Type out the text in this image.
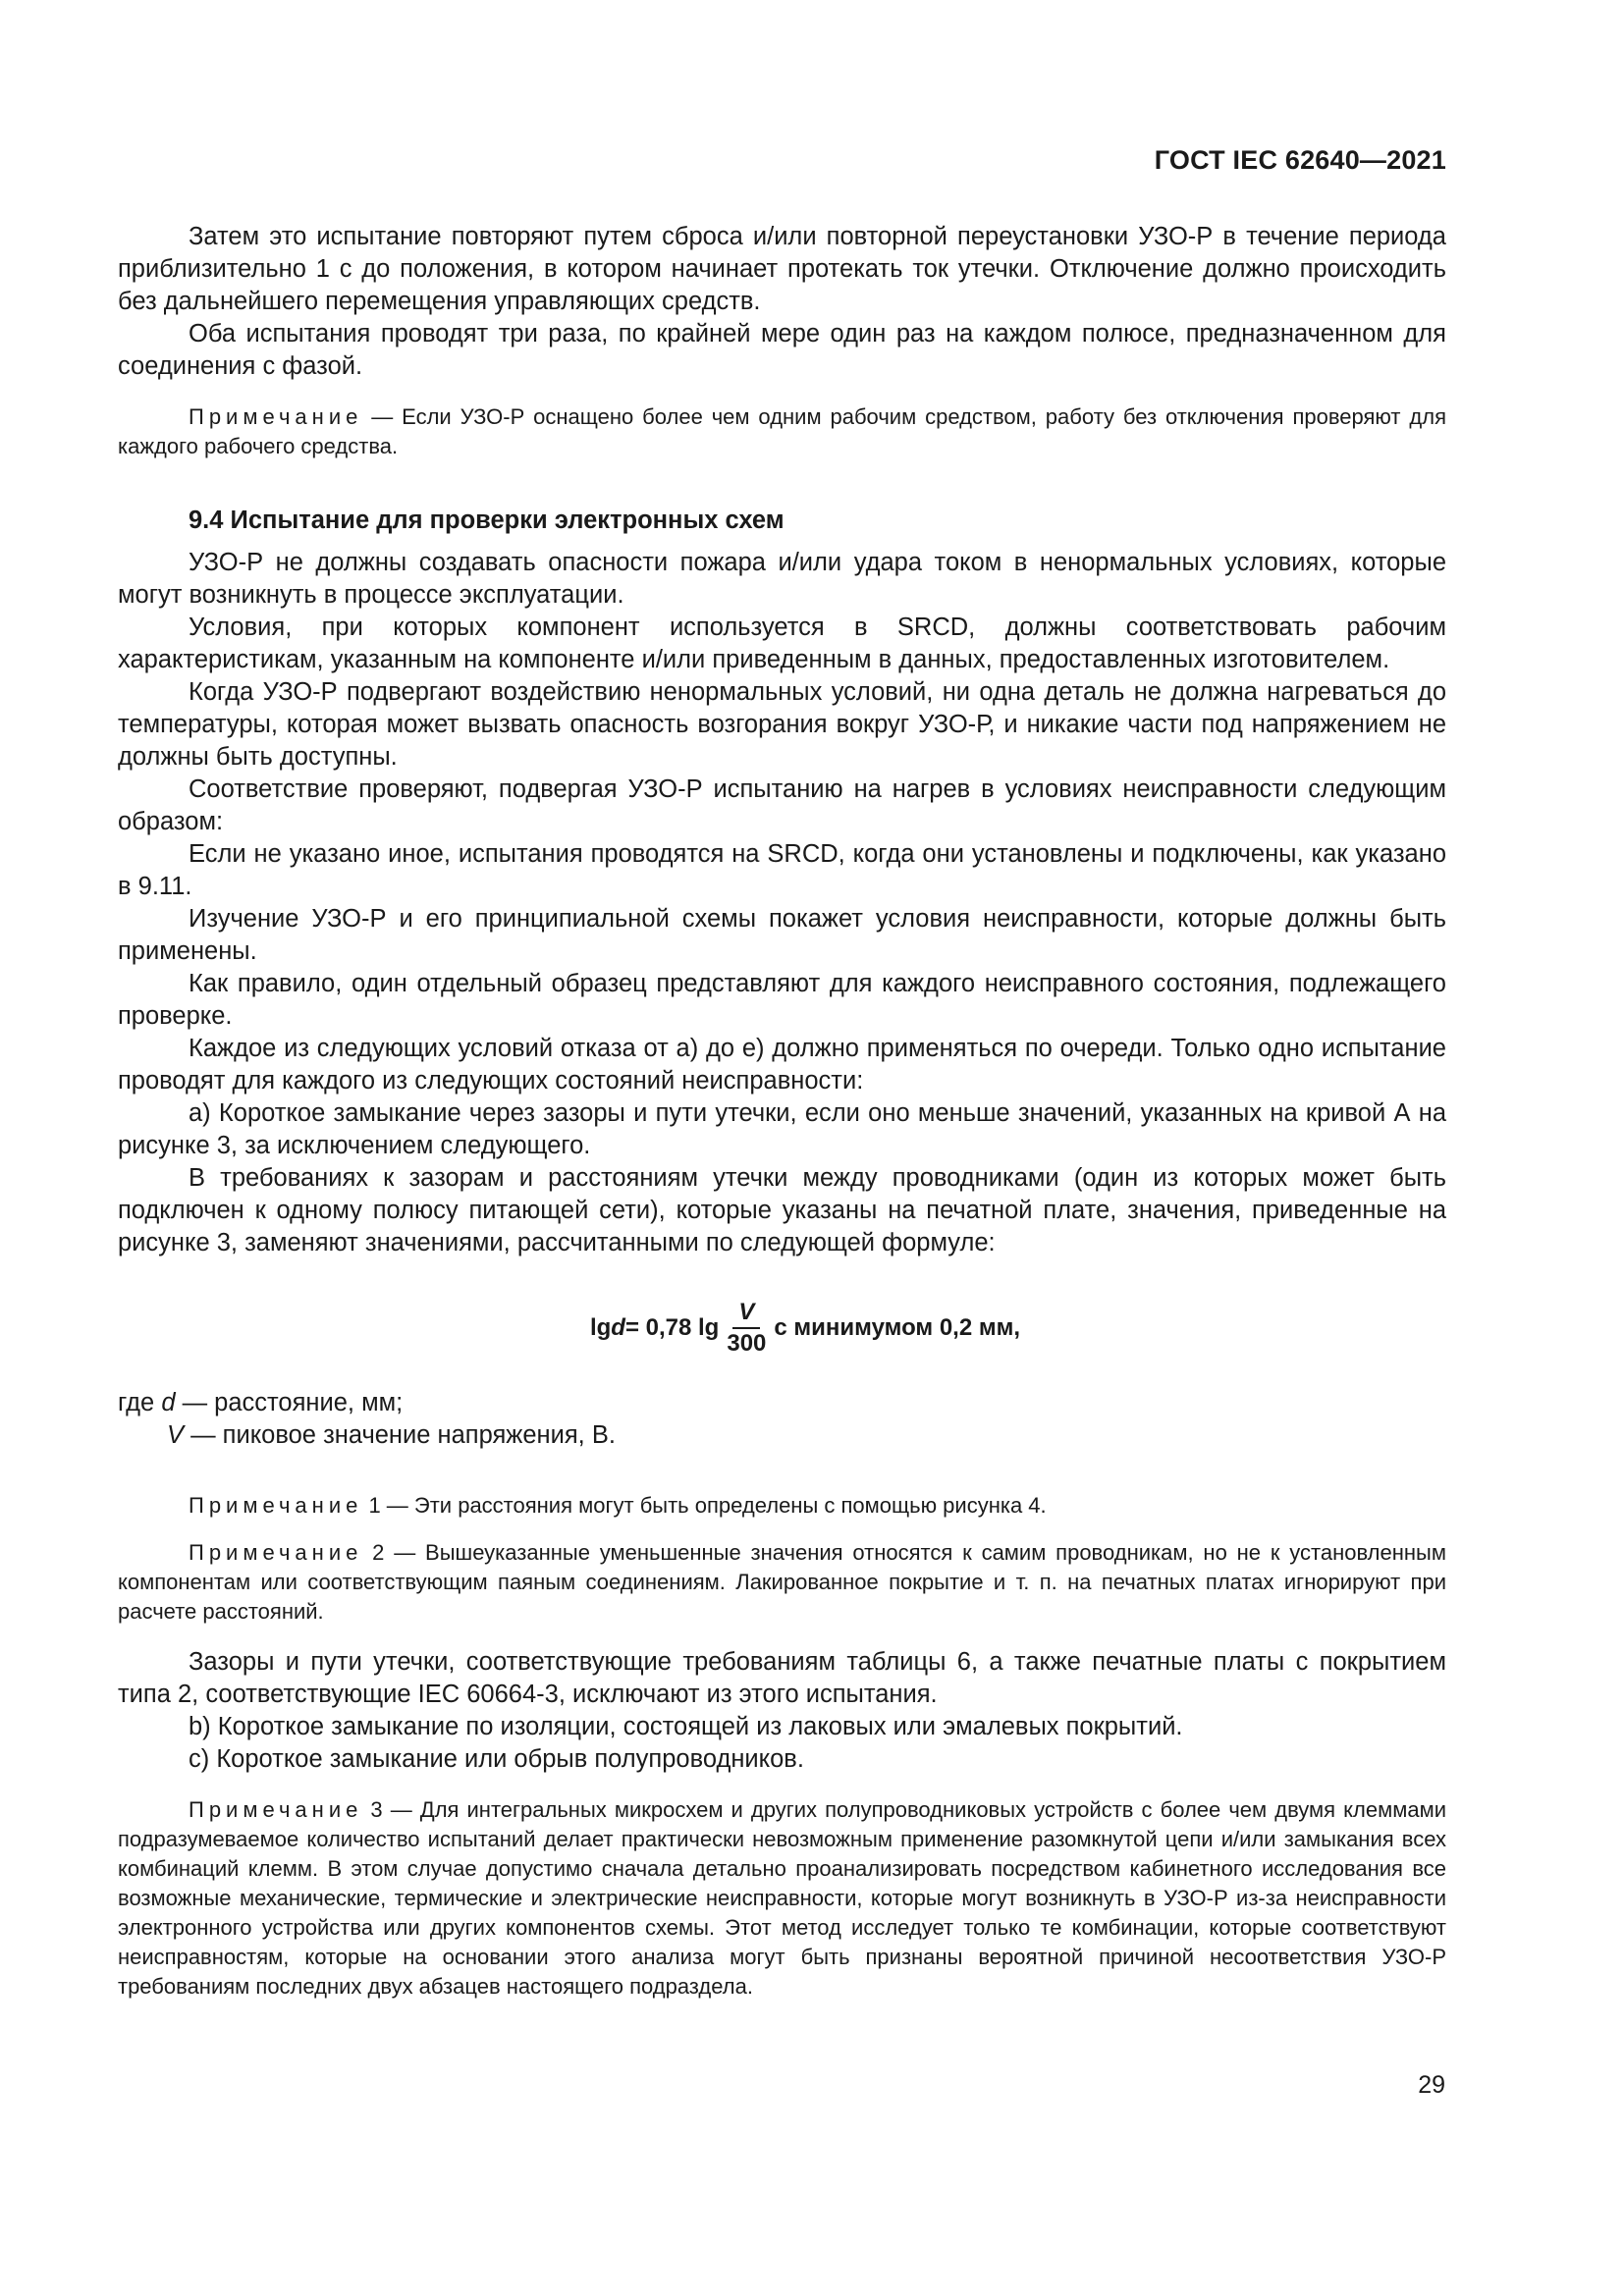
ГОСТ IEC 62640—2021

Затем это испытание повторяют путем сброса и/или повторной переустановки УЗО-Р в течение периода приблизительно 1 с до положения, в котором начинает протекать ток утечки. Отключение должно происходить без дальнейшего перемещения управляющих средств.

Оба испытания проводят три раза, по крайней мере один раз на каждом полюсе, предназначенном для соединения с фазой.

Примечание — Если УЗО-Р оснащено более чем одним рабочим средством, работу без отключения проверяют для каждого рабочего средства.

9.4 Испытание для проверки электронных схем

УЗО-Р не должны создавать опасности пожара и/или удара током в ненормальных условиях, которые могут возникнуть в процессе эксплуатации.

Условия, при которых компонент используется в SRCD, должны соответствовать рабочим характеристикам, указанным на компоненте и/или приведенным в данных, предоставленных изготовителем.

Когда УЗО-Р подвергают воздействию ненормальных условий, ни одна деталь не должна нагреваться до температуры, которая может вызвать опасность возгорания вокруг УЗО-Р, и никакие части под напряжением не должны быть доступны.

Соответствие проверяют, подвергая УЗО-Р испытанию на нагрев в условиях неисправности следующим образом:

Если не указано иное, испытания проводятся на SRCD, когда они установлены и подключены, как указано в 9.11.

Изучение УЗО-Р и его принципиальной схемы покажет условия неисправности, которые должны быть применены.

Как правило, один отдельный образец представляют для каждого неисправного состояния, подлежащего проверке.

Каждое из следующих условий отказа от а) до е) должно применяться по очереди. Только одно испытание проводят для каждого из следующих состояний неисправности:

а) Короткое замыкание через зазоры и пути утечки, если оно меньше значений, указанных на кривой А на рисунке 3, за исключением следующего.

В требованиях к зазорам и расстояниям утечки между проводниками (один из которых может быть подключен к одному полюсу питающей сети), которые указаны на печатной плате, значения, приведенные на рисунке 3, заменяют значениями, рассчитанными по следующей формуле:

lg d = 0,78 $\lg \frac{V}{300}$ с минимумом 0,2 мм,

где d — расстояние, мм;

V — пиковое значение напряжения, В.

Примечание 1 — Эти расстояния могут быть определены с помощью рисунка 4.

Примечание 2 — Вышеуказанные уменьшенные значения относятся к самим проводникам, но не к установленным компонентам или соответствующим паяным соединениям. Лакированное покрытие и т. п. на печатных платах игнорируют при расчете расстояний.

Зазоры и пути утечки, соответствующие требованиям таблицы 6, а также печатные платы с покрытием типа 2, соответствующие IEC 60664-3, исключают из этого испытания.

b) Короткое замыкание по изоляции, состоящей из лаковых или эмалевых покрытий.

c) Короткое замыкание или обрыв полупроводников.

Примечание 3 — Для интегральных микросхем и других полупроводниковых устройств с более чем двумя клеммами подразумеваемое количество испытаний делает практически невозможным применение разомкнутой цепи и/или замыкания всех комбинаций клемм. В этом случае допустимо сначала детально проанализировать посредством кабинетного исследования все возможные механические, термические и электрические неисправности, которые могут возникнуть в УЗО-Р из-за неисправности электронного устройства или других компонентов схемы. Этот метод исследует только те комбинации, которые соответствуют неисправностям, которые на основании этого анализа могут быть признаны вероятной причиной несоответствия УЗО-Р требованиям последних двух абзацев настоящего подраздела.

29
